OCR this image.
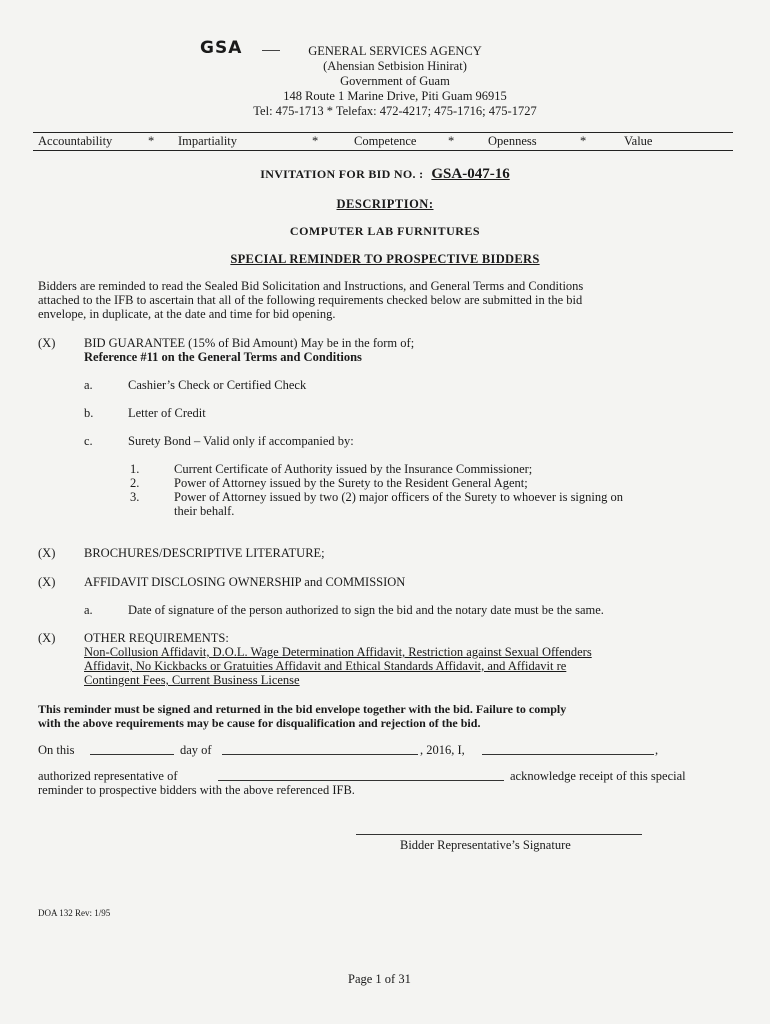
GSA	GENERAL SERVICES AGENCY
(Ahensian Setbision Hinirat)
Government of Guam
148 Route 1 Marine Drive, Piti Guam 96915
Tel: 475-1713 * Telefax: 472-4217; 475-1716; 475-1727
Accountability	* Impartiality	*	Competence	*	Openness	*	Value
INVITATION FOR BID NO. : GSA-047-16
DESCRIPTION:
COMPUTER LAB FURNITURES
SPECIAL REMINDER TO PROSPECTIVE BIDDERS
Bidders are reminded to read the Sealed Bid Solicitation and Instructions, and General Terms and Conditions
attached to the IFB to ascertain that all of the following requirements checked below are submitted in the bid
envelope, in duplicate, at the date and time for bid opening.
(X) BID GUARANTEE (15% of Bid Amount) May be in the form of;
Reference #11 on the General Terms and Conditions
a.	Cashier’s Check or Certified Check
b.	Letter of Credit
c.	Surety Bond – Valid only if accompanied by:
1.	Current Certificate of Authority issued by the Insurance Commissioner;
2.	Power of Attorney issued by the Surety to the Resident General Agent;
3.	Power of Attorney issued by two (2) major officers of the Surety to whoever is signing on
their behalf.
(X) BROCHURES/DESCRIPTIVE LITERATURE;
(X) AFFIDAVIT DISCLOSING OWNERSHIP and COMMISSION
a.	Date of signature of the person authorized to sign the bid and the notary date must be the same.
(X) OTHER REQUIREMENTS:
Non-Collusion Affidavit, D.O.L. Wage Determination Affidavit, Restriction against Sexual Offenders
Affidavit, No Kickbacks or Gratuities Affidavit and Ethical Standards Affidavit, and Affidavit re
Contingent Fees, Current Business License
This reminder must be signed and returned in the bid envelope together with the bid. Failure to comply
with the above requirements may be cause for disqualification and rejection of the bid.
On this	day of	, 2016, I,	,
authorized representative of	acknowledge receipt of this special
reminder to prospective bidders with the above referenced IFB.
Bidder Representative’s Signature
DOA 132 Rev: 1/95
Page 1 of 31
